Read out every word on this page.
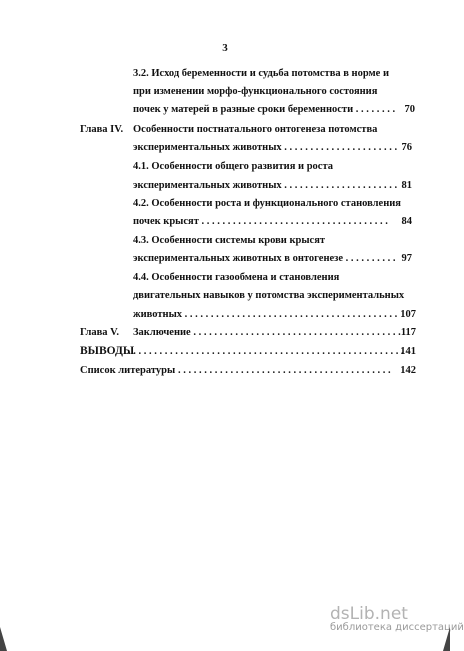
3
3.2. Исход беременности и судьба потомства в норме и
при изменении морфо-функционального состояния
почек у матерей в разные сроки беременности . . . . . . . . 70
Глава IV. Особенности постнатального онтогенеза потомства
экспериментальных животных . . . . . . . . . . . . . . . . . . . . . . 76
4.1. Особенности общего развития и роста
экспериментальных животных . . . . . . . . . . . . . . . . . . . . . . 81
4.2. Особенности роста и функционального становления
почек крысят . . . . . . . . . . . . . . . . . . . . . . . . . . . . . . . . . . . .	84
4.3. Особенности системы крови крысят
экспериментальных животных в онтогенезе . . . . . . . . . . 97
4.4. Особенности газообмена и становления
двигательных навыков у потомства экспериментальных
животных . . . . . . . . . . . . . . . . . . . . . . . . . . . . . . . . . . . . . . . . . 107
Глава V. Заключение . . . . . . . . . . . . . . . . . . . . . . . . . . . . . . . . . . . . . . . . 117
ВЫВОДЫ
. . . . . . . . . . . . . . . . . . . . . . . . . . . . . . . . . . . . . . . . . . . . . . . . . . . . .
141
Список литературы . . . . . . . . . . . . . . . . . . . . . . . . . . . . . . . . . . . . . . . . . 142
dsLib.net
библиотека диссертаций
